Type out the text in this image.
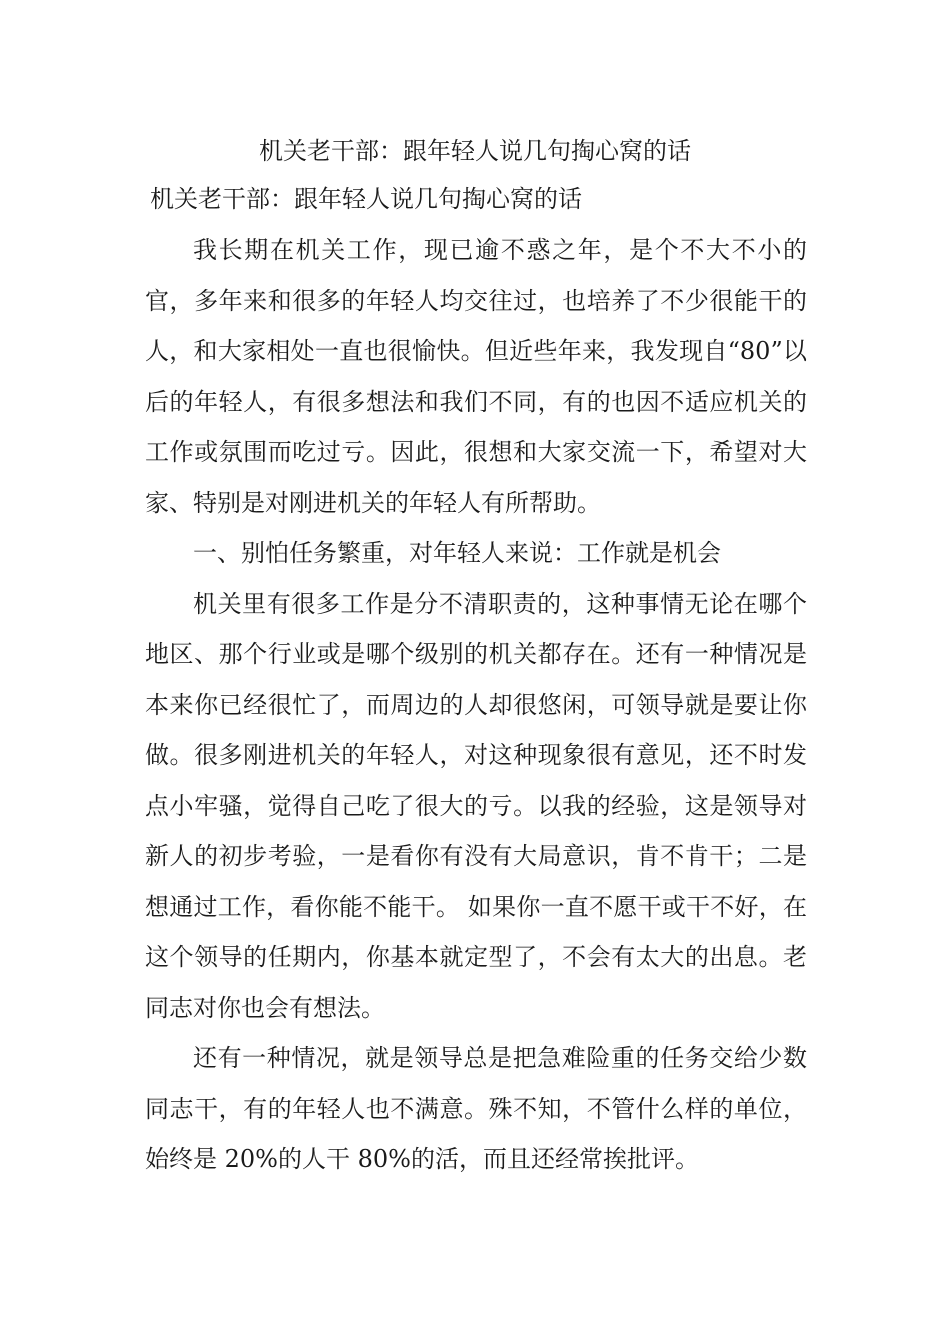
机关老干部：跟年轻人说几句掏心窝的话

机关老干部：跟年轻人说几句掏心窝的话

我长期在机关工作，现已逾不惑之年，是个不大不小的官，多年来和很多的年轻人均交往过，也培养了不少很能干的人，和大家相处一直也很愉快。但近些年来，我发现自“80”以后的年轻人，有很多想法和我们不同，有的也因不适应机关的工作或氛围而吃过亏。因此，很想和大家交流一下，希望对大家、特别是对刚进机关的年轻人有所帮助。

一、别怕任务繁重，对年轻人来说：工作就是机会

机关里有很多工作是分不清职责的，这种事情无论在哪个地区、那个行业或是哪个级别的机关都存在。还有一种情况是本来你已经很忙了，而周边的人却很悠闲，可领导就是要让你做。很多刚进机关的年轻人，对这种现象很有意见，还不时发点小牢骚，觉得自己吃了很大的亏。以我的经验，这是领导对新人的初步考验，一是看你有没有大局意识，肯不肯干；二是想通过工作，看你能不能干。 如果你一直不愿干或干不好，在这个领导的任期内，你基本就定型了，不会有太大的出息。老同志对你也会有想法。

还有一种情况，就是领导总是把急难险重的任务交给少数同志干，有的年轻人也不满意。殊不知，不管什么样的单位，始终是 20%的人干 80%的活，而且还经常挨批评。
